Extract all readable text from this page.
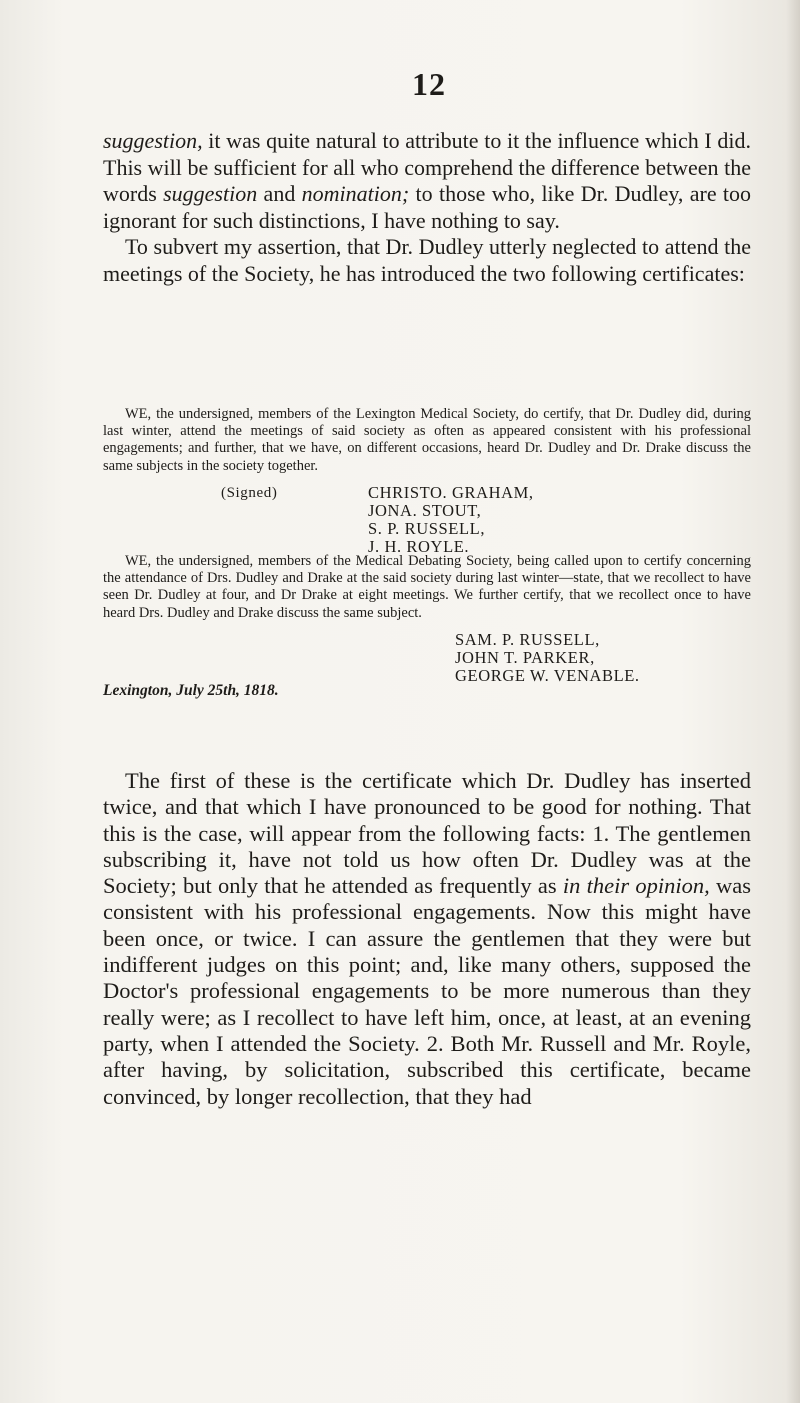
12

suggestion, it was quite natural to attribute to it the influence which I did. This will be sufficient for all who comprehend the difference between the words suggestion and nomination; to those who, like Dr. Dudley, are too ignorant for such distinctions, I have nothing to say.

To subvert my assertion, that Dr. Dudley utterly neglected to attend the meetings of the Society, he has introduced the two following certificates:

WE, the undersigned, members of the Lexington Medical Society, do certify, that Dr. Dudley did, during last winter, attend the meetings of said society as often as appeared consistent with his professional engagements; and further, that we have, on different occasions, heard Dr. Dudley and Dr. Drake discuss the same subjects in the society together.

(Signed)	CHRISTO. GRAHAM,
JONA. STOUT,
S. P. RUSSELL,
J. H. ROYLE.

WE, the undersigned, members of the Medical Debating Society, being called upon to certify concerning the attendance of Drs. Dudley and Drake at the said society during last winter—state, that we recollect to have seen Dr. Dudley at four, and Dr Drake at eight meetings. We further certify, that we recollect once to have heard Drs. Dudley and Drake discuss the same subject.

SAM. P. RUSSELL,
JOHN T. PARKER,
GEORGE W. VENABLE.
Lexington, July 25th, 1818.

The first of these is the certificate which Dr. Dudley has inserted twice, and that which I have pronounced to be good for nothing. That this is the case, will appear from the following facts: 1. The gentlemen subscribing it, have not told us how often Dr. Dudley was at the Society; but only that he attended as frequently as in their opinion, was consistent with his professional engagements. Now this might have been once, or twice. I can assure the gentlemen that they were but indifferent judges on this point; and, like many others, supposed the Doctor's professional engagements to be more numerous than they really were; as I recollect to have left him, once, at least, at an evening party, when I attended the Society. 2. Both Mr. Russell and Mr. Royle, after having, by solicitation, subscribed this certificate, became convinced, by longer recollection, that they had
